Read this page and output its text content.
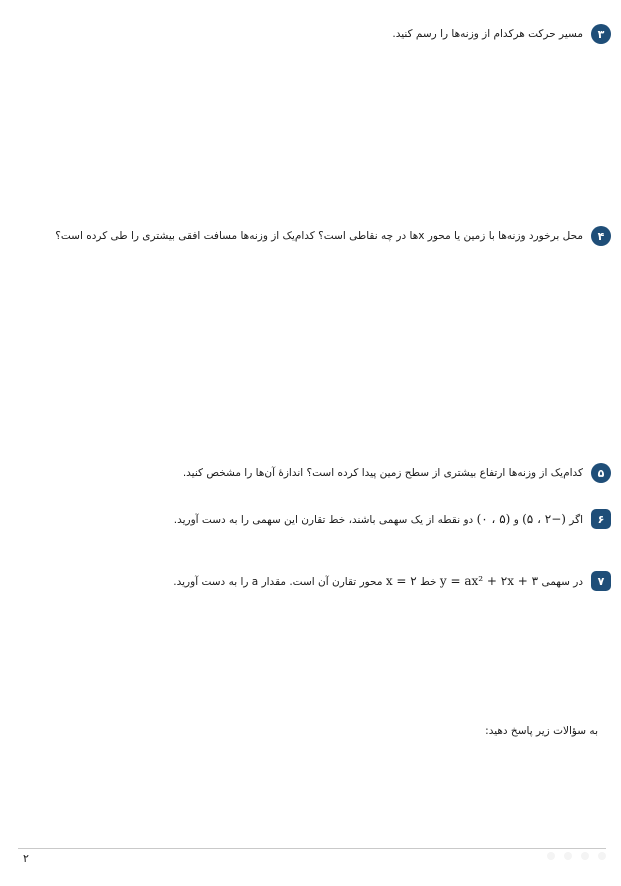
۳
مسیر حرکت هرکدام از وزنه‌ها را رسم کنید.
۴
محل برخورد وزنه‌ها با زمین یا محور xها در چه نقاطی است؟ کدام‌یک از وزنه‌ها مسافت افقی بیشتری را طی کرده است؟
۵
کدام‌یک از وزنه‌ها ارتفاع بیشتری از سطح زمین پیدا کرده است؟ اندازهٔ آن‌ها را مشخص کنید.
۶
اگر (۵ ، ۲−) و (۰ ، ۵) دو نقطه از یک سهمی باشند، خط تقارن این سهمی را به دست آورید.
۷
در سهمی y = ax² + ۲x + ۳ خط x = ۲ محور تقارن آن است. مقدار a را به دست آورید.
به سؤالات زیر پاسخ دهید:
۲
